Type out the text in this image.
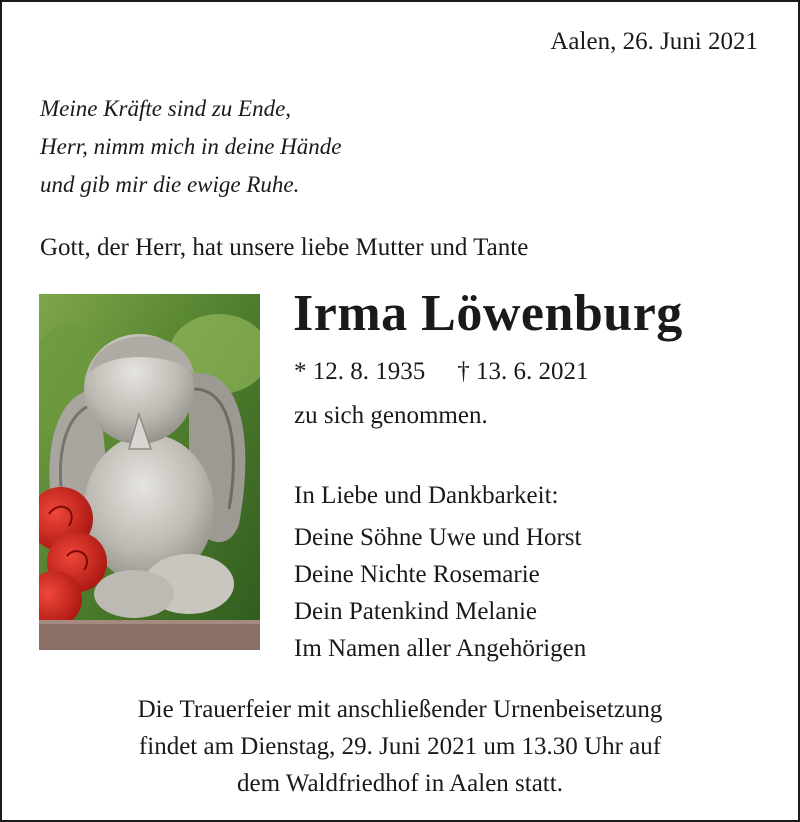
Aalen, 26. Juni 2021
Meine Kräfte sind zu Ende,
Herr, nimm mich in deine Hände
und gib mir die ewige Ruhe.
Gott, der Herr, hat unsere liebe Mutter und Tante
Irma Löwenburg
* 12. 8. 1935 † 13. 6. 2021
zu sich genommen.
In Liebe und Dankbarkeit:
Deine Söhne Uwe und Horst
Deine Nichte Rosemarie
Dein Patenkind Melanie
Im Namen aller Angehörigen
Die Trauerfeier mit anschließender Urnenbeisetzung
findet am Dienstag, 29. Juni 2021 um 13.30 Uhr auf
dem Waldfriedhof in Aalen statt.
